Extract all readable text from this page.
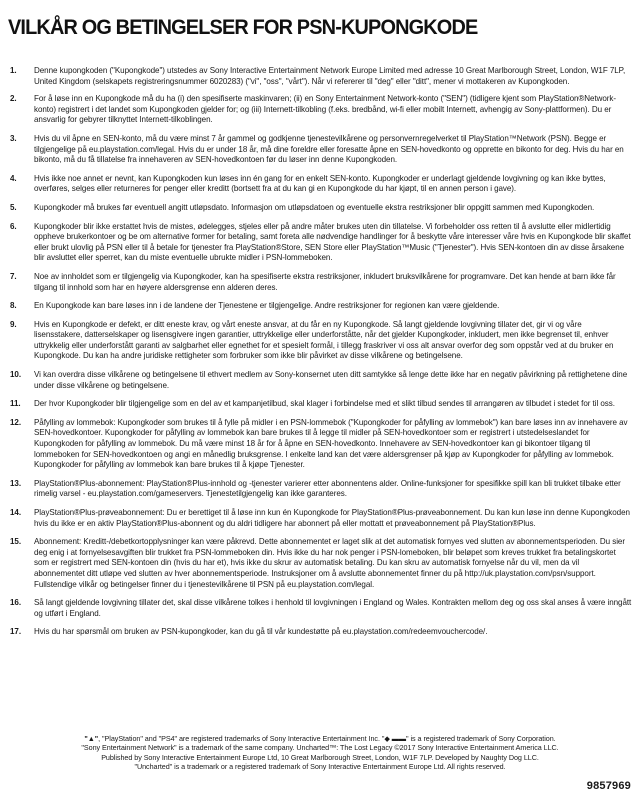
VILKÅR OG BETINGELSER FOR PSN-KUPONGKODE
1.	Denne kupongkoden ("Kupongkode") utstedes av Sony Interactive Entertainment Network Europe Limited med adresse 10 Great Marlborough Street, London, W1F 7LP, United Kingdom (selskapets registreringsnummer 6020283) ("vi", "oss", "vårt"). Når vi refererer til "deg" eller "ditt", mener vi mottakeren av Kupongkoden.
2.	For å løse inn en Kupongkode må du ha (i) den spesifiserte maskinvaren; (ii) en Sony Entertainment Network-konto ("SEN") (tidligere kjent som PlayStation®Network-konto) registrert i det landet som Kupongkoden gjelder for; og (iii) Internett-tilkobling (f.eks. bredbånd, wi-fi eller mobilt Internett, avhengig av Sony-plattformen). Du er ansvarlig for gebyrer tilknyttet Internett-tilkoblingen.
3.	Hvis du vil åpne en SEN-konto, må du være minst 7 år gammel og godkjenne tjenestevilkårene og personvernregelverket til PlayStation™Network (PSN). Begge er tilgjengelige på eu.playstation.com/legal. Hvis du er under 18 år, må dine foreldre eller foresatte åpne en SEN-hovedkonto og opprette en bikonto for deg. Hvis du har en bikonto, må du få tillatelse fra innehaveren av SEN-hovedkontoen før du løser inn denne Kupongkoden.
4.	Hvis ikke noe annet er nevnt, kan Kupongkoden kun løses inn én gang for en enkelt SEN-konto. Kupongkoder er underlagt gjeldende lovgivning og kan ikke byttes, overføres, selges eller returneres for penger eller kreditt (bortsett fra at du kan gi en Kupongkode du har kjøpt, til en annen person i gave).
5.	Kupongkoder må brukes før eventuell angitt utløpsdato. Informasjon om utløpsdatoen og eventuelle ekstra restriksjoner blir oppgitt sammen med Kupongkoden.
6.	Kupongkoder blir ikke erstattet hvis de mistes, ødelegges, stjeles eller på andre måter brukes uten din tillatelse. Vi forbeholder oss retten til å avslutte eller midlertidig oppheve brukerkontoer og be om alternative former for betaling, samt foreta alle nødvendige handlinger for å beskytte våre interesser våre hvis en Kupongkode blir skaffet eller brukt ulovlig på PSN eller til å betale for tjenester fra PlayStation®Store, SEN Store eller PlayStation™Music ("Tjenester"). Hvis SEN-kontoen din av disse årsakene blir avsluttet eller sperret, kan du miste eventuelle ubrukte midler i PSN-lommeboken.
7.	Noe av innholdet som er tilgjengelig via Kupongkoder, kan ha spesifiserte ekstra restriksjoner, inkludert bruksvilkårene for programvare. Det kan hende at barn ikke får tilgang til innhold som har en høyere aldersgrense enn alderen deres.
8.	En Kupongkode kan bare løses inn i de landene der Tjenestene er tilgjengelige. Andre restriksjoner for regionen kan være gjeldende.
9.	Hvis en Kupongkode er defekt, er ditt eneste krav, og vårt eneste ansvar, at du får en ny Kupongkode. Så langt gjeldende lovgivning tillater det, gir vi og våre lisensstakere, datterselskaper og lisensgivere ingen garantier, uttrykkelige eller underforståtte, når det gjelder Kupongkoder, inkludert, men ikke begrenset til, enhver uttrykkelig eller underforstått garanti av salgbarhet eller egnethet for et spesielt formål, i tillegg fraskriver vi oss alt ansvar overfor deg som oppstår ved at du bruker en Kupongkode. Du kan ha andre juridiske rettigheter som forbruker som ikke blir påvirket av disse vilkårene og betingelsene.
10.	Vi kan overdra disse vilkårene og betingelsene til ethvert medlem av Sony-konsernet uten ditt samtykke så lenge dette ikke har en negativ påvirkning på rettighetene dine under disse vilkårene og betingelsene.
11.	Der hvor Kupongkoder blir tilgjengelige som en del av et kampanjetilbud, skal klager i forbindelse med et slikt tilbud sendes til arrangøren av tilbudet i stedet for til oss.
12.	Påfylling av lommebok: Kupongkoder som brukes til å fylle på midler i en PSN-lommebok ("Kupongkoder for påfylling av lommebok") kan bare løses inn av innehavere av SEN-hovedkontoer. Kupongkoder for påfylling av lommebok kan bare brukes til å legge til midler på SEN-hovedkontoer som er registrert i utstedelseslandet for Kupongkoden for påfylling av lommebok. Du må være minst 18 år for å åpne en SEN-hovedkonto. Innehavere av SEN-hovedkontoer kan gi bikontoer tilgang til lommeboken for SEN-hovedkontoen og angi en månedlig bruksgrense. I enkelte land kan det være aldersgrenser på kjøp av Kupongkoder for påfylling av lommebok. Kupongkoder for påfylling av lommebok kan bare brukes til å kjøpe Tjenester.
13.	PlayStation®Plus-abonnement: PlayStation®Plus-innhold og -tjenester varierer etter abonnentens alder. Online-funksjoner for spesifikke spill kan bli trukket tilbake etter rimelig varsel - eu.playstation.com/gameservers. Tjenestetilgjengelig kan ikke garanteres.
14.	PlayStation®Plus-prøveabonnement: Du er berettiget til å løse inn kun én Kupongkode for PlayStation®Plus-prøveabonnement. Du kan kun løse inn denne Kupongkoden hvis du ikke er en aktiv PlayStation®Plus-abonnent og du aldri tidligere har abonnert på eller mottatt et prøveabonnement på PlayStation®Plus.
15.	Abonnement: Kreditt-/debetkortopplysninger kan være påkrevd. Dette abonnementet er laget slik at det automatisk fornyes ved slutten av abonnementsperioden. Du sier deg enig i at fornyelsesavgiften blir trukket fra PSN-lommeboken din. Hvis ikke du har nok penger i PSN-lomeboken, blir beløpet som kreves trukket fra betalingskortet som er registrert med SEN-kontoen din (hvis du har et), hvis ikke du skrur av automatisk betaling. Du kan skru av automatisk fornyelse når du vil, men da vil abonnementet ditt utløpe ved slutten av hver abonnementsperiode. Instruksjoner om å avslutte abonnementet finner du på http://uk.playstation.com/psn/support. Fullstendige vilkår og betingelser finner du i tjenestevilkårene til PSN på eu.playstation.com/legal.
16.	Så langt gjeldende lovgivning tillater det, skal disse vilkårene tolkes i henhold til lovgivningen i England og Wales. Kontrakten mellom deg og oss skal anses å være inngått og utført i England.
17.	Hvis du har spørsmål om bruken av PSN-kupongkoder, kan du gå til vår kundestøtte på eu.playstation.com/redeemvouchercode/.
"▲", "PlayStation" and "PS4" are registered trademarks of Sony Interactive Entertainment Inc. "◆ ▬▬" is a registered trademark of Sony Corporation.
"Sony Entertainment Network" is a trademark of the same company. Uncharted™: The Lost Legacy ©2017 Sony Interactive Entertainment America LLC.
Published by Sony Interactive Entertainment Europe Ltd, 10 Great Marlborough Street, London, W1F 7LP. Developed by Naughty Dog LLC.
"Uncharted" is a trademark or a registered trademark of Sony Interactive Entertainment Europe Ltd. All rights reserved.
9857969
